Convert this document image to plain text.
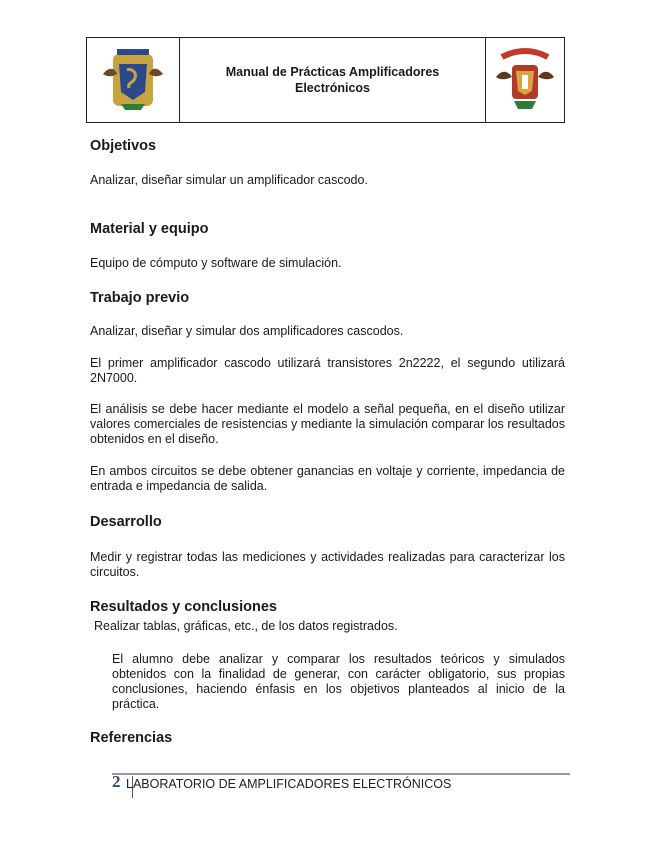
Manual de Prácticas Amplificadores
Electrónicos
Objetivos

Analizar, diseñar simular un amplificador cascodo.

Material y equipo

Equipo de cómputo y software de simulación.

Trabajo previo

Analizar, diseñar y simular dos amplificadores cascodos.

El primer amplificador cascodo utilizará transistores 2n2222, el segundo utilizará 2N7000.

El análisis se debe hacer mediante el modelo a señal pequeña, en el diseño utilizar valores comerciales de resistencias y mediante la simulación comparar los resultados obtenidos en el diseño.

En ambos circuitos se debe obtener ganancias en voltaje y corriente, impedancia de entrada e impedancia de salida.

Desarrollo

Medir y registrar todas las mediciones y actividades realizadas para caracterizar los circuitos.

Resultados y conclusiones

Realizar tablas, gráficas, etc., de los datos registrados.

El alumno debe analizar y comparar los resultados teóricos y simulados obtenidos con la finalidad de generar, con carácter obligatorio, sus propias conclusiones, haciendo énfasis en los objetivos planteados al inicio de la práctica.

Referencias
2 LABORATORIO DE AMPLIFICADORES ELECTRÓNICOS
